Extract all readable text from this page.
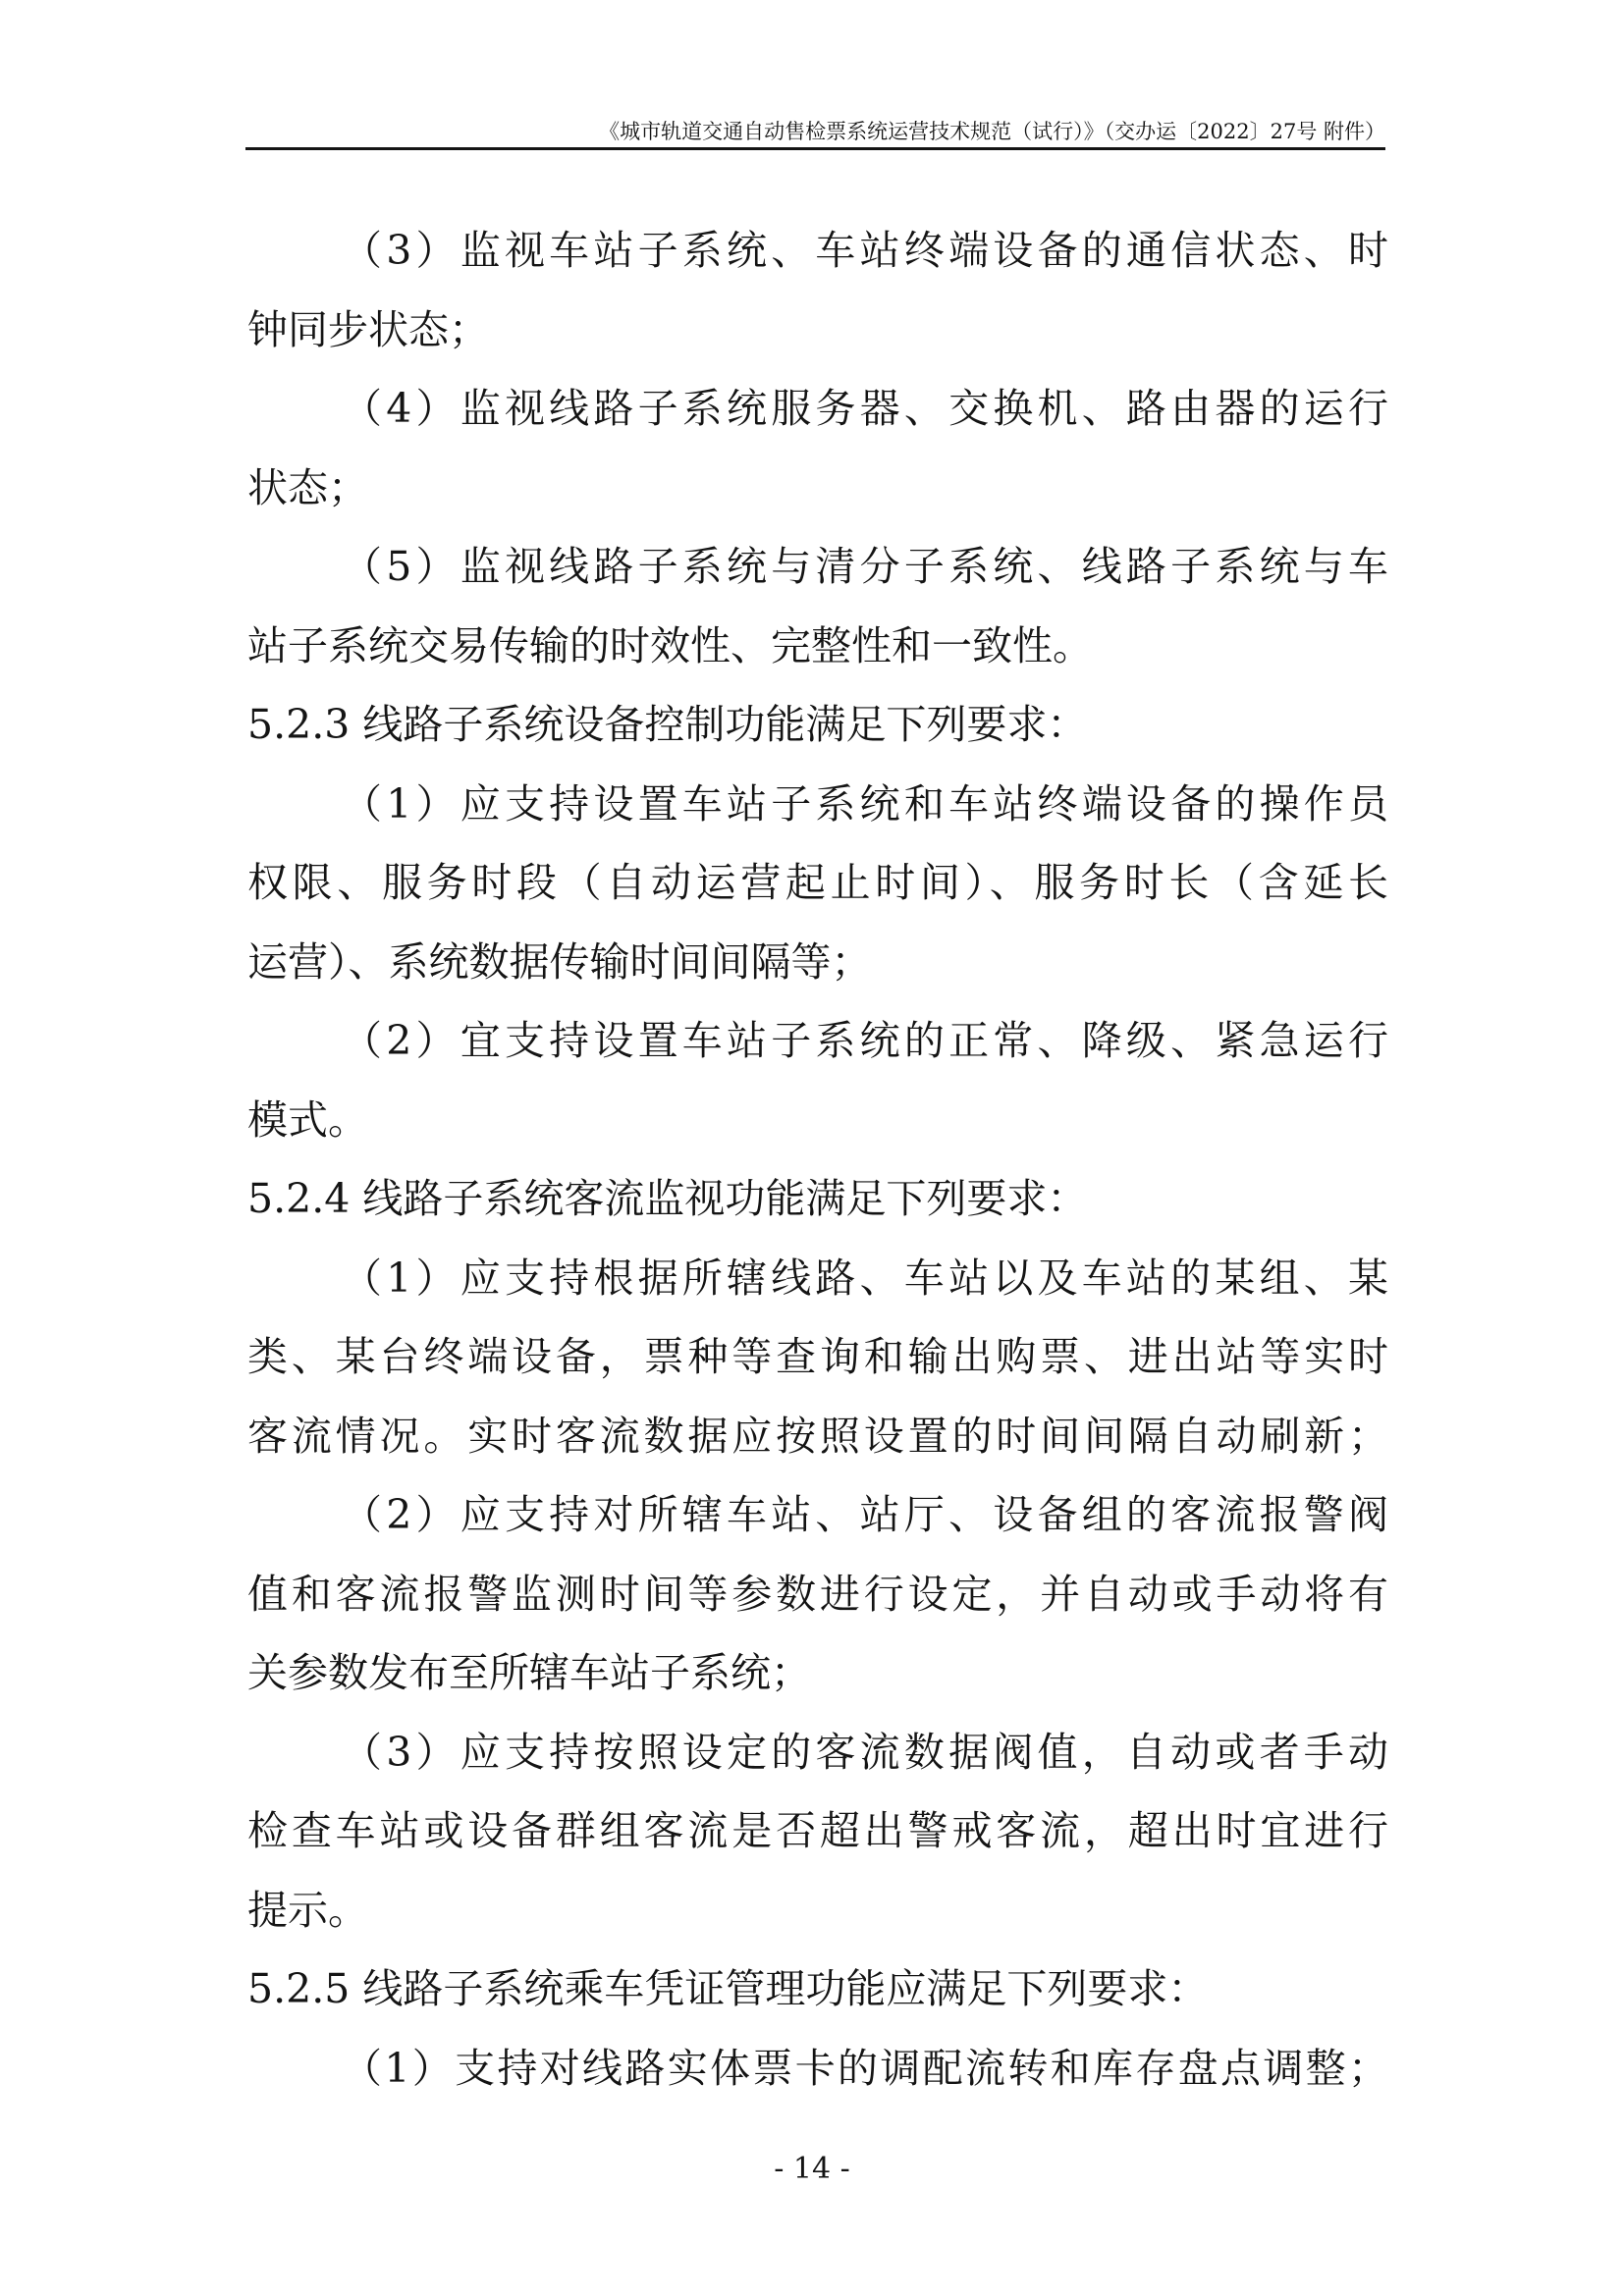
《城市轨道交通自动售检票系统运营技术规范（试行）》（交办运〔2022〕27号 附件）
（3）监视车站子系统、车站终端设备的通信状态、时
钟同步状态；
（4）监视线路子系统服务器、交换机、路由器的运行
状态；
（5）监视线路子系统与清分子系统、线路子系统与车
站子系统交易传输的时效性、完整性和一致性。
5.2.3 线路子系统设备控制功能满足下列要求：
（1）应支持设置车站子系统和车站终端设备的操作员
权限、服务时段（自动运营起止时间）、服务时长（含延长
运营）、系统数据传输时间间隔等；
（2）宜支持设置车站子系统的正常、降级、紧急运行
模式。
5.2.4 线路子系统客流监视功能满足下列要求：
（1）应支持根据所辖线路、车站以及车站的某组、某
类、某台终端设备，票种等查询和输出购票、进出站等实时
客流情况。实时客流数据应按照设置的时间间隔自动刷新；
（2）应支持对所辖车站、站厅、设备组的客流报警阀
值和客流报警监测时间等参数进行设定，并自动或手动将有
关参数发布至所辖车站子系统；
（3）应支持按照设定的客流数据阀值，自动或者手动
检查车站或设备群组客流是否超出警戒客流，超出时宜进行
提示。
5.2.5 线路子系统乘车凭证管理功能应满足下列要求：
（1）支持对线路实体票卡的调配流转和库存盘点调整；
- 14 -
